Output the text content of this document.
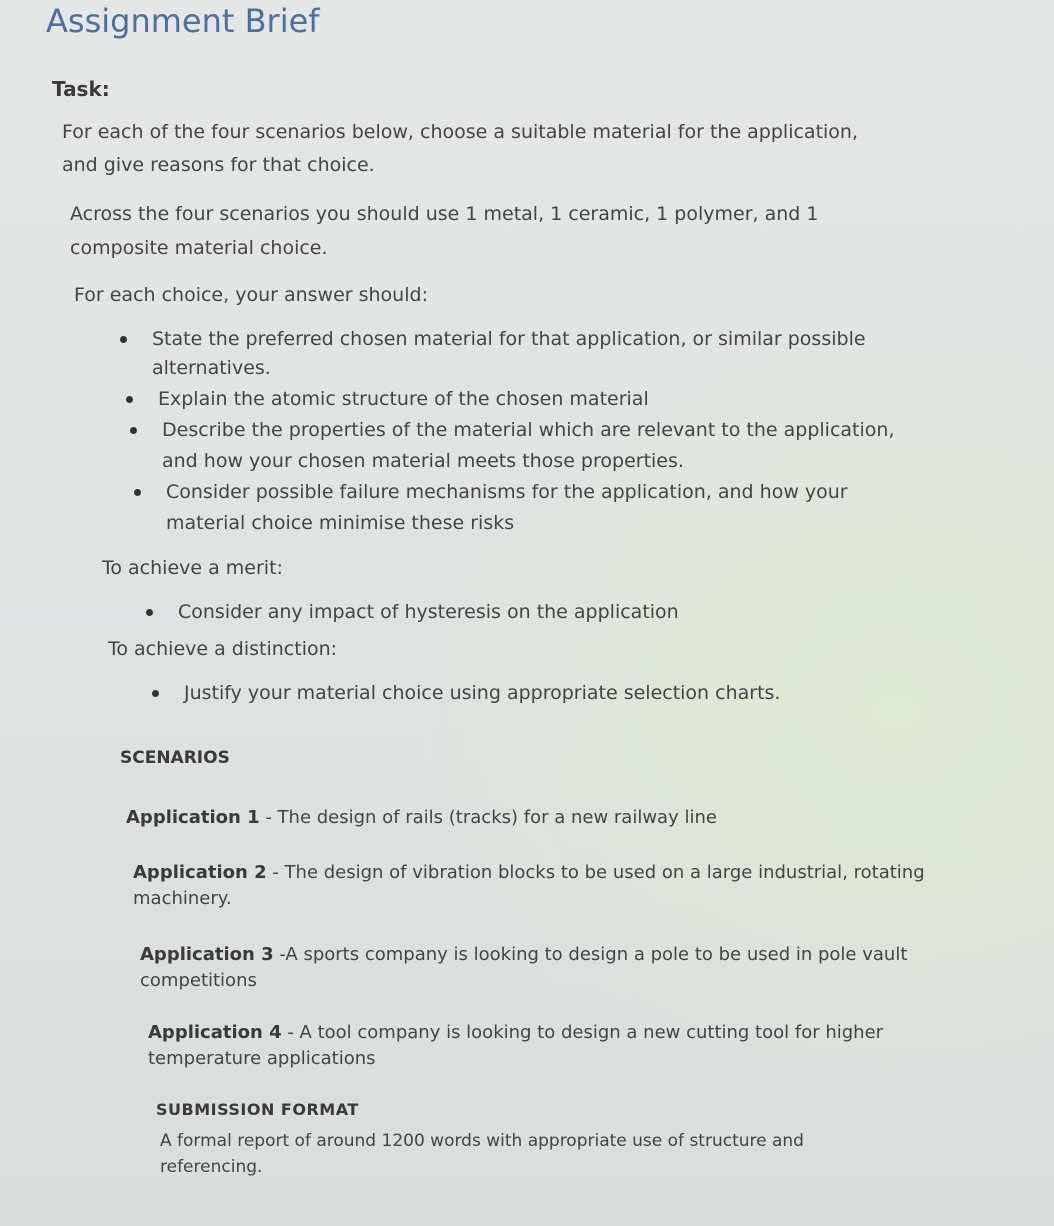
Assignment Brief
Task:
For each of the four scenarios below, choose a suitable material for the application,
and give reasons for that choice.
Across the four scenarios you should use 1 metal, 1 ceramic, 1 polymer, and 1
composite material choice.
For each choice, your answer should:
State the preferred chosen material for that application, or similar possible
alternatives.
Explain the atomic structure of the chosen material
Describe the properties of the material which are relevant to the application,
and how your chosen material meets those properties.
Consider possible failure mechanisms for the application, and how your
material choice minimise these risks
To achieve a merit:
Consider any impact of hysteresis on the application
To achieve a distinction:
Justify your material choice using appropriate selection charts.
SCENARIOS
Application 1 - The design of rails (tracks) for a new railway line
Application 2 - The design of vibration blocks to be used on a large industrial, rotating
machinery.
Application 3 -A sports company is looking to design a pole to be used in pole vault
competitions
Application 4 - A tool company is looking to design a new cutting tool for higher
temperature applications
SUBMISSION FORMAT
A formal report of around 1200 words with appropriate use of structure and
referencing.
